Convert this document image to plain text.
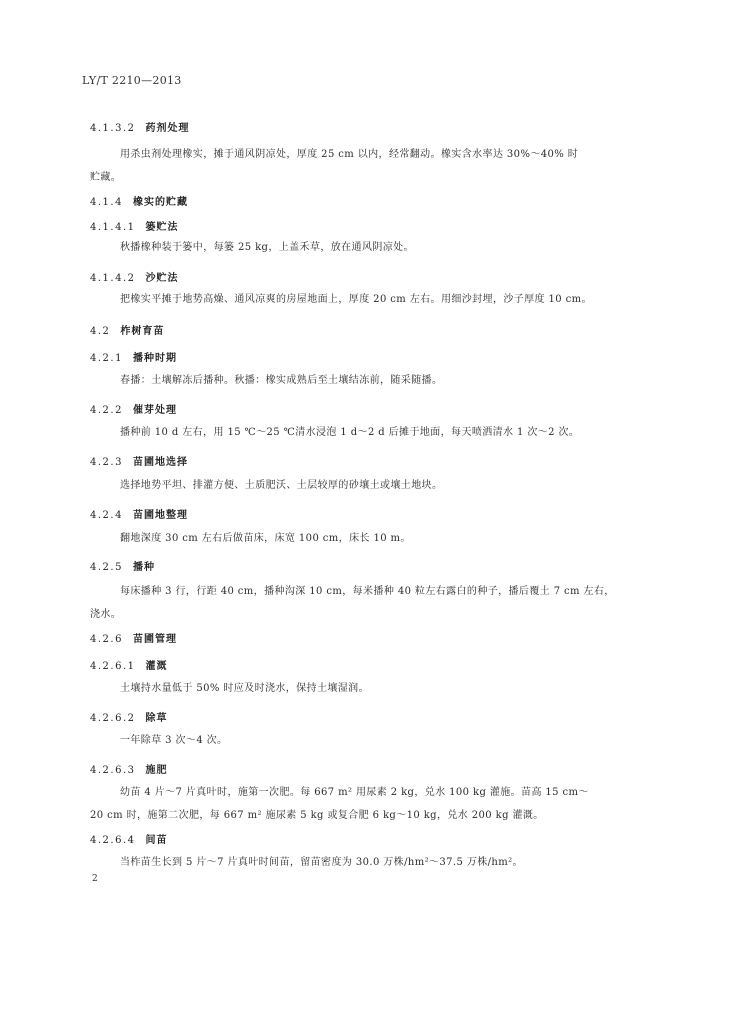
LY/T 2210—2013
4.1.3.2 药剂处理
用杀虫剂处理橡实，摊于通风阴凉处，厚度 25 cm 以内，经常翻动。橡实含水率达 30%～40% 时
贮藏。
4.1.4 橡实的贮藏
4.1.4.1 篓贮法
秋播橡种装于篓中，每篓 25 kg，上盖禾草，放在通风阴凉处。
4.1.4.2 沙贮法
把橡实平摊于地势高燥、通风凉爽的房屋地面上，厚度 20 cm 左右。用细沙封埋，沙子厚度 10 cm。
4.2 柞树育苗
4.2.1 播种时期
春播：土壤解冻后播种。秋播：橡实成熟后至土壤结冻前，随采随播。
4.2.2 催芽处理
播种前 10 d 左右，用 15 ℃～25 ℃清水浸泡 1 d～2 d 后摊于地面，每天喷洒清水 1 次～2 次。
4.2.3 苗圃地选择
选择地势平坦、排灌方便、土质肥沃、土层较厚的砂壤土或壤土地块。
4.2.4 苗圃地整理
翻地深度 30 cm 左右后做苗床，床宽 100 cm，床长 10 m。
4.2.5 播种
每床播种 3 行，行距 40 cm，播种沟深 10 cm，每米播种 40 粒左右露白的种子，播后覆土 7 cm 左右，
浇水。
4.2.6 苗圃管理
4.2.6.1 灌溉
土壤持水量低于 50% 时应及时浇水，保持土壤湿润。
4.2.6.2 除草
一年除草 3 次～4 次。
4.2.6.3 施肥
幼苗 4 片～7 片真叶时，施第一次肥。每 667 m² 用尿素 2 kg，兑水 100 kg 灌施。苗高 15 cm～
20 cm 时，施第二次肥，每 667 m² 施尿素 5 kg 或复合肥 6 kg～10 kg，兑水 200 kg 灌溉。
4.2.6.4 间苗
当柞苗生长到 5 片～7 片真叶时间苗，留苗密度为 30.0 万株/hm²～37.5 万株/hm²。
2
